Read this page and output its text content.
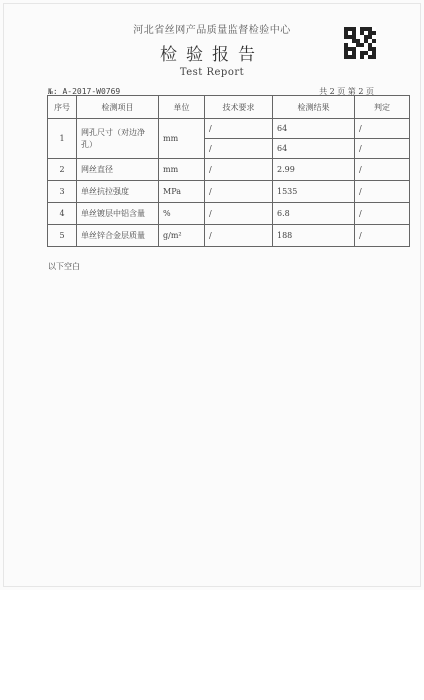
河北省丝网产品质量监督检验中心
检验报告
Test Report
№: A-2017-W0769	共 2 页 第 2 页
序号	检测项目	单位	技术要求	检测结果	判定
1	网孔尺寸（对边净孔）	mm	/	64	/
			/	64	/
2	网丝直径	mm	/	2.99	/
3	单丝抗拉强度	MPa	/	1535	/
4	单丝镀层中铝含量	%	/	6.8	/
5	单丝锌合金层质量	g/m²	/	188	/
以下空白
